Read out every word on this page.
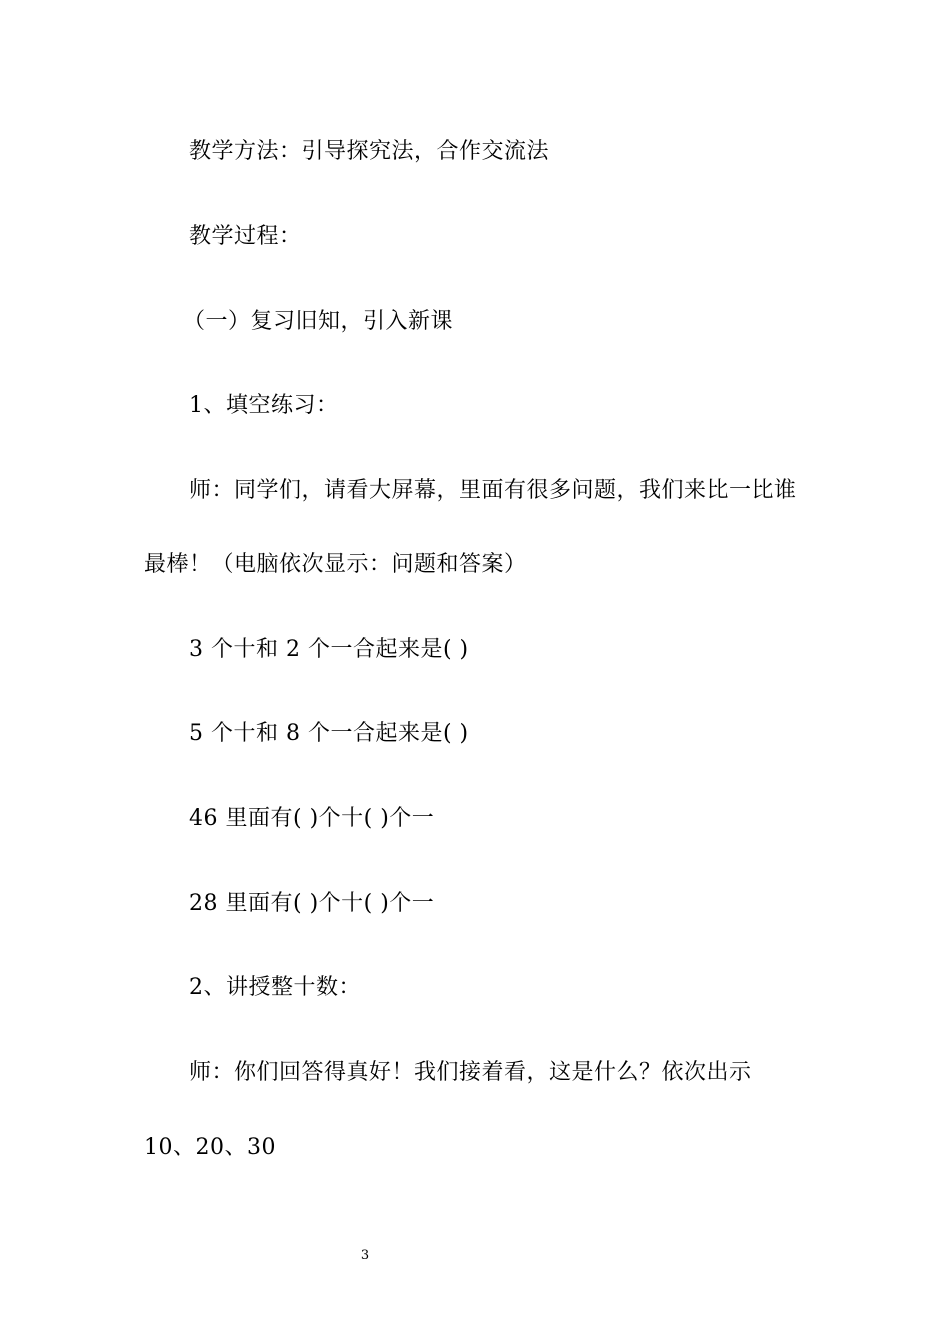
教学方法：引导探究法，合作交流法
教学过程：
（一）复习旧知，引入新课
1、填空练习：
师：同学们，请看大屏幕，里面有很多问题，我们来比一比谁
最棒！（电脑依次显示：问题和答案）
3 个十和 2 个一合起来是( )
5 个十和 8 个一合起来是( )
46 里面有( )个十( )个一
28 里面有( )个十( )个一
2、讲授整十数：
师：你们回答得真好！我们接着看，这是什么？依次出示
10、20、30
3
